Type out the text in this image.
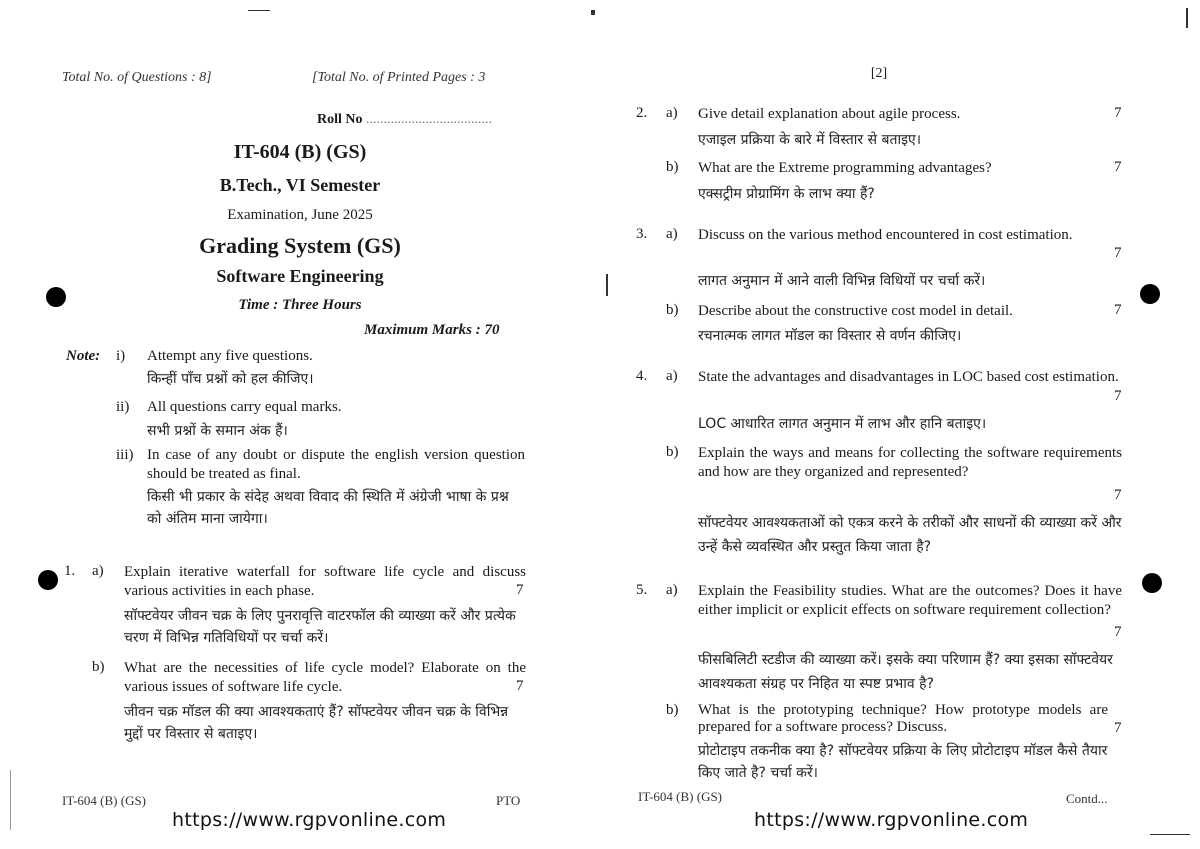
Total No. of Questions : 8]	[Total No. of Printed Pages : 3
Roll No ....................................
IT-604 (B) (GS)
B.Tech., VI Semester
Examination, June 2025
Grading System (GS)
Software Engineering
Time : Three Hours
Maximum Marks : 70
Note: i) Attempt any five questions.
किन्हीं पाँच प्रश्नों को हल कीजिए।
ii) All questions carry equal marks.
सभी प्रश्नों के समान अंक हैं।
iii) In case of any doubt or dispute the english version question should be treated as final.
किसी भी प्रकार के संदेह अथवा विवाद की स्थिति में अंग्रेजी भाषा के प्रश्न को अंतिम माना जायेगा।
1. a) Explain iterative waterfall for software life cycle and discuss various activities in each phase.	7
सॉफ्टवेयर जीवन चक्र के लिए पुनरावृत्ति वाटरफॉल की व्याख्या करें और प्रत्येक चरण में विभिन्न गतिविधियों पर चर्चा करें।
b) What are the necessities of life cycle model? Elaborate on the various issues of software life cycle.	7
जीवन चक्र मॉडल की क्या आवश्यकताएं हैं? सॉफ्टवेयर जीवन चक्र के विभिन्न मुद्दों पर विस्तार से बताइए।
IT-604 (B) (GS)	PTO
https://www.rgpvonline.com
[2]
2. a) Give detail explanation about agile process.	7
एजाइल प्रक्रिया के बारे में विस्तार से बताइए।
b) What are the Extreme programming advantages?	7
एक्सट्रीम प्रोग्रामिंग के लाभ क्या हैं?
3. a) Discuss on the various method encountered in cost estimation.
7
लागत अनुमान में आने वाली विभिन्न विधियों पर चर्चा करें।
b) Describe about the constructive cost model in detail.	7
रचनात्मक लागत मॉडल का विस्तार से वर्णन कीजिए।
4. a) State the advantages and disadvantages in LOC based cost estimation.
7
LOC आधारित लागत अनुमान में लाभ और हानि बताइए।
b) Explain the ways and means for collecting the software requirements and how are they organized and represented?
7
सॉफ्टवेयर आवश्यकताओं को एकत्र करने के तरीकों और साधनों की व्याख्या करें और उन्हें कैसे व्यवस्थित और प्रस्तुत किया जाता है?
5. a) Explain the Feasibility studies. What are the outcomes? Does it have either implicit or explicit effects on software requirement collection?
7
फीसबिलिटी स्टडीज की व्याख्या करें। इसके क्या परिणाम हैं? क्या इसका सॉफ्टवेयर आवश्यकता संग्रह पर निहित या स्पष्ट प्रभाव है?
b) What is the prototyping technique? How prototype models are prepared for a software process? Discuss.	7
प्रोटोटाइप तकनीक क्या है? सॉफ्टवेयर प्रक्रिया के लिए प्रोटोटाइप मॉडल कैसे तैयार किए जाते है? चर्चा करें।
IT-604 (B) (GS)	Contd...
https://www.rgpvonline.com
